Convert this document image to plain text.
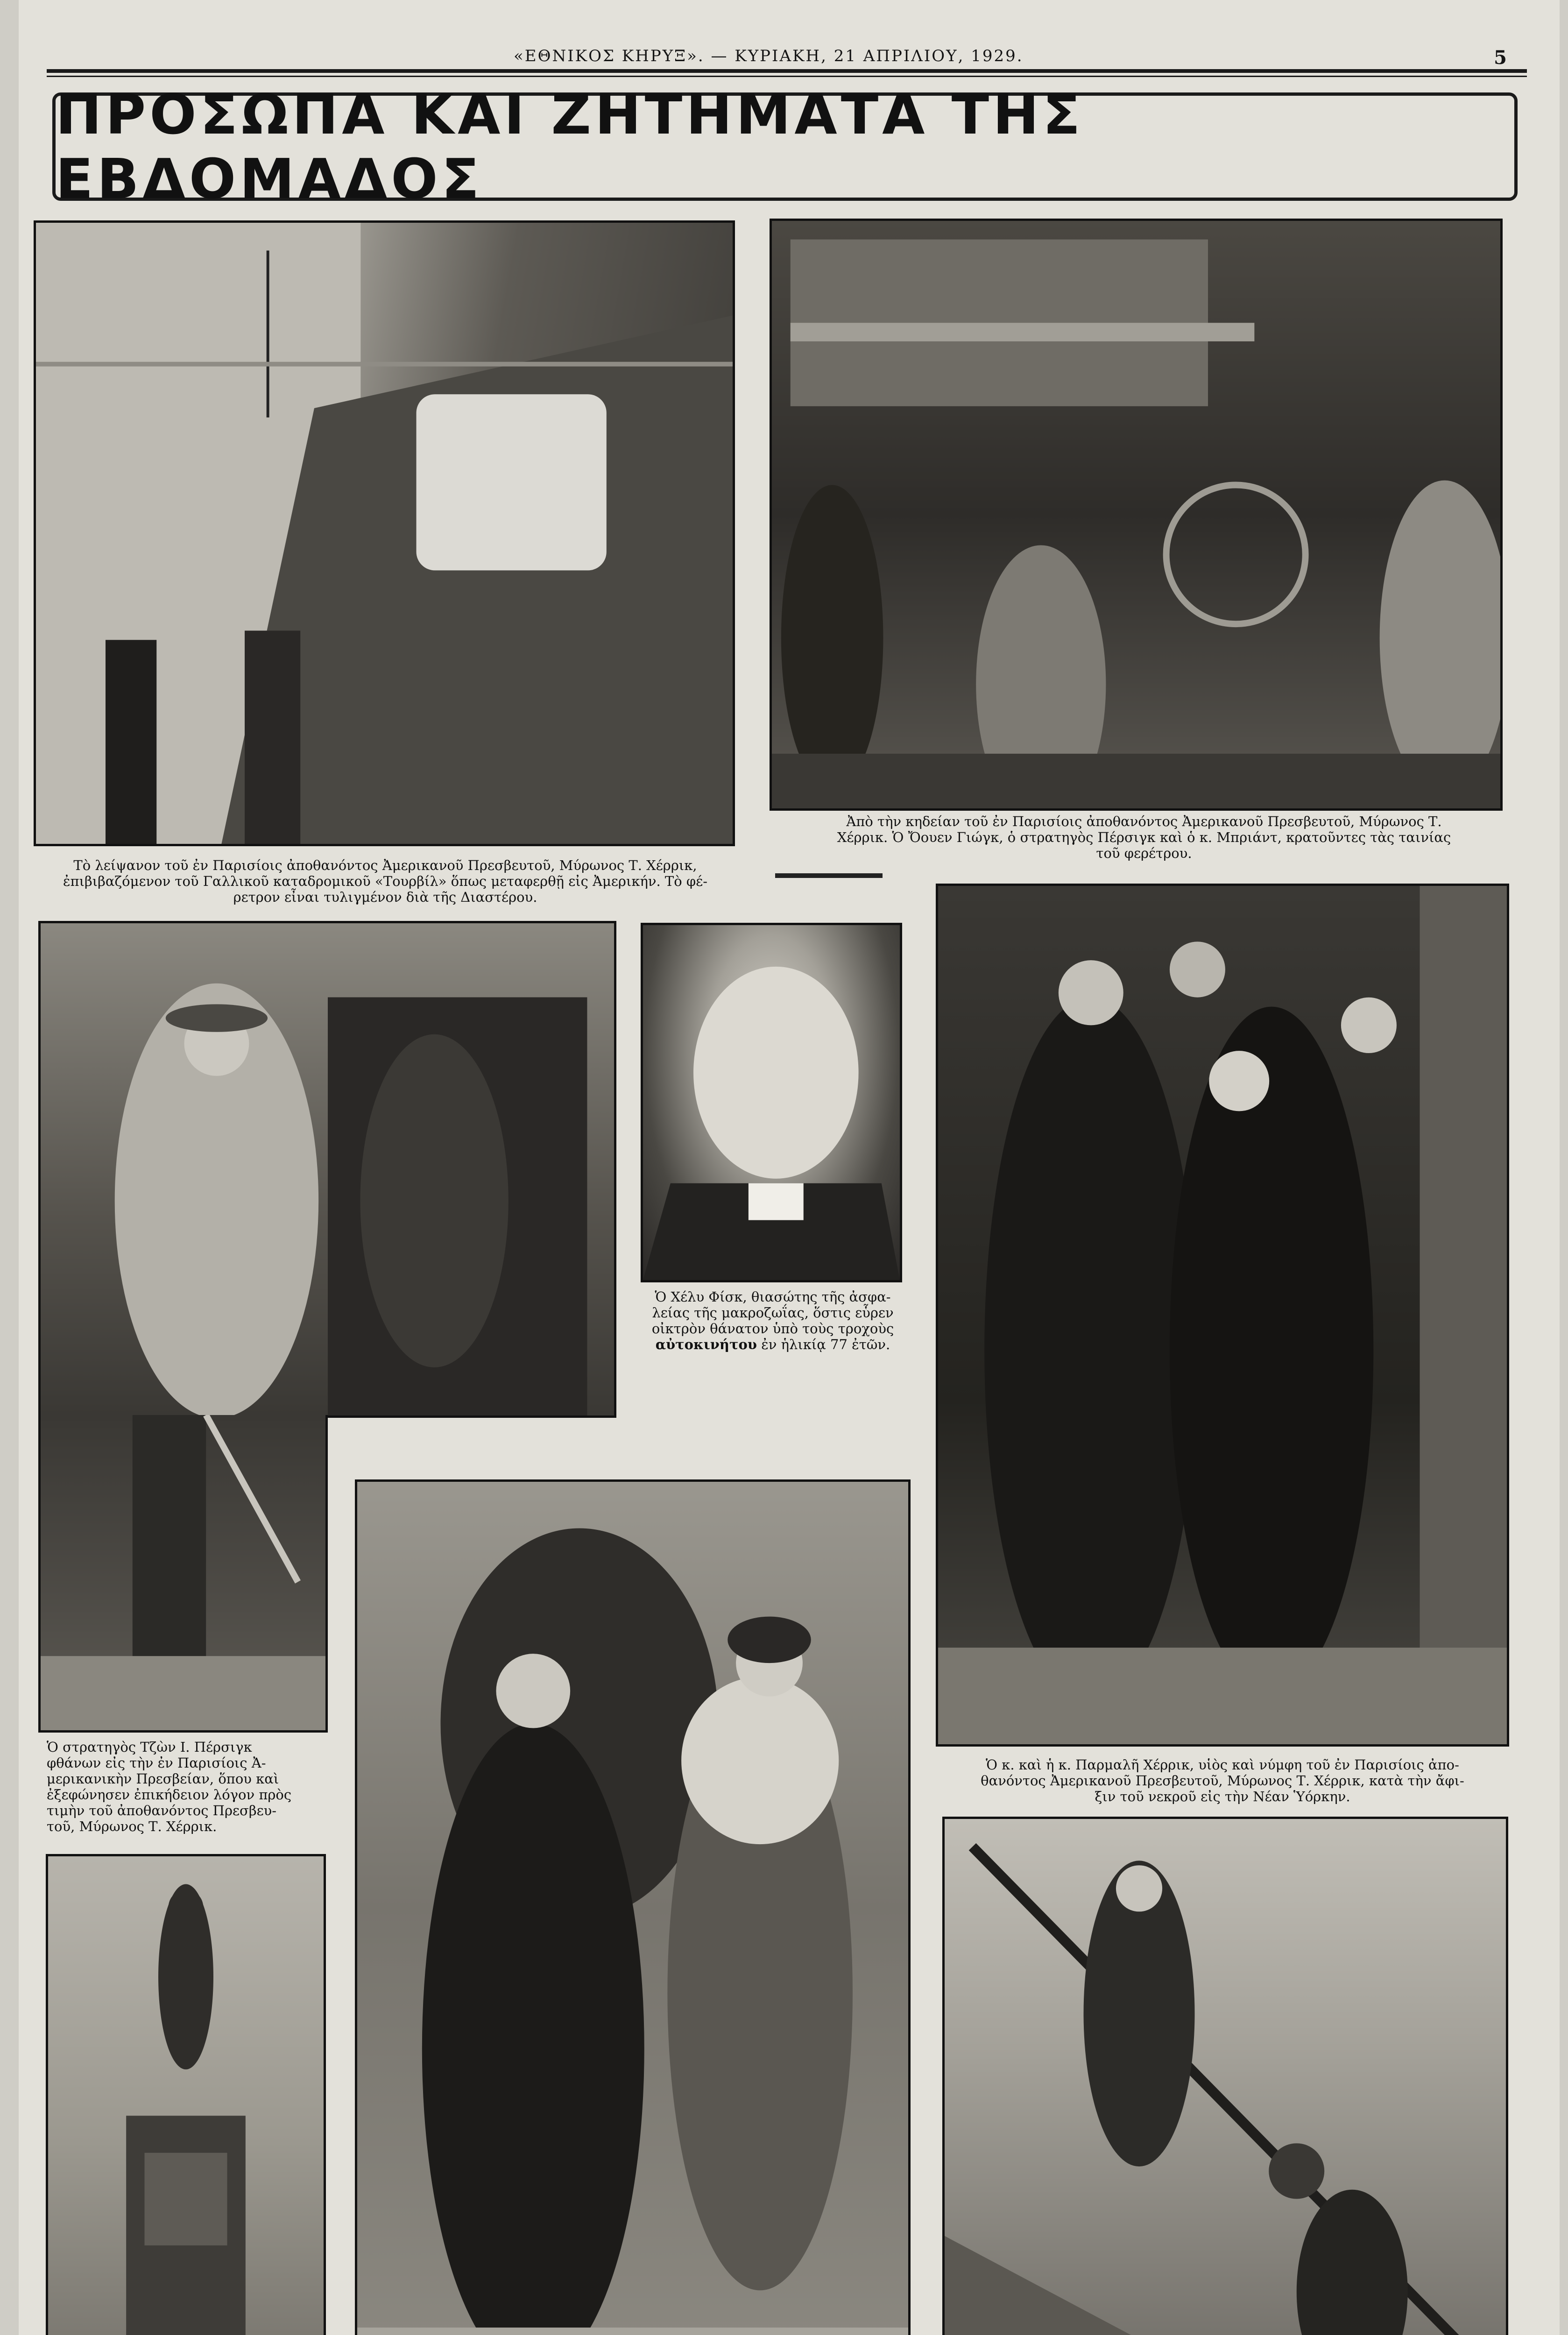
«ΕΘΝΙΚΟΣ ΚΗΡΥΞ». — ΚΥΡΙΑΚΗ, 21 ΑΠΡΙΛΙΟΥ, 1929.	5
ΠΡΟΣΩΠΑ ΚΑΙ ΖΗΤΗΜΑΤΑ ΤΗΣ ΕΒΔΟΜΑΔΟΣ
Τὸ λείψανον τοῦ ἐν Παρισίοις ἀποθανόντος Ἀμερικανοῦ Πρεσβευτοῦ, Μύρωνος Τ. Χέρρικ,
ἐπιβιβαζόμενον τοῦ Γαλλικοῦ καταδρομικοῦ «Τουρβίλ» ὅπως μεταφερθῇ εἰς Ἀμερικήν. Τὸ φέ-
ρετρον εἶναι τυλιγμένον διὰ τῆς Διαστέρου.
Ἀπὸ τὴν κηδείαν τοῦ ἐν Παρισίοις ἀποθανόντος Ἀμερικανοῦ Πρεσβευτοῦ, Μύρωνος Τ.
Χέρρικ. Ὁ Ὄουεν Γιώγκ, ὁ στρατηγὸς Πέρσιγκ καὶ ὁ κ. Μπριάντ, κρατοῦντες τὰς ταινίας
τοῦ φερέτρου.
Ὁ Χέλυ Φίσκ, θιασώτης τῆς ἀσφα-
λείας τῆς μακροζωΐας, ὅστις εὗρεν
οἰκτρὸν θάνατον ὑπὸ τοὺς τροχοὺς
αὐτοκινήτου ἐν ἡλικίᾳ 77 ἐτῶν.
Ὁ κ. καὶ ἡ κ. Παρμαλῆ Χέρρικ, υἱὸς καὶ νύμφη τοῦ ἐν Παρισίοις ἀπο-
θανόντος Ἀμερικανοῦ Πρεσβευτοῦ, Μύρωνος Τ. Χέρρικ, κατὰ τὴν ἄφι-
ξιν τοῦ νεκροῦ εἰς τὴν Νέαν Ὑόρκην.
Ὁ στρατηγὸς Τζὼν Ι. Πέρσιγκ
φθάνων εἰς τὴν ἐν Παρισίοις Ἀ-
μερικανικὴν Πρεσβείαν, ὅπου καὶ
ἐξεφώνησεν ἐπικήδειον λόγον πρὸς
τιμὴν τοῦ ἀποθανόντος Πρεσβευ-
τοῦ, Μύρωνος Τ. Χέρρικ.
